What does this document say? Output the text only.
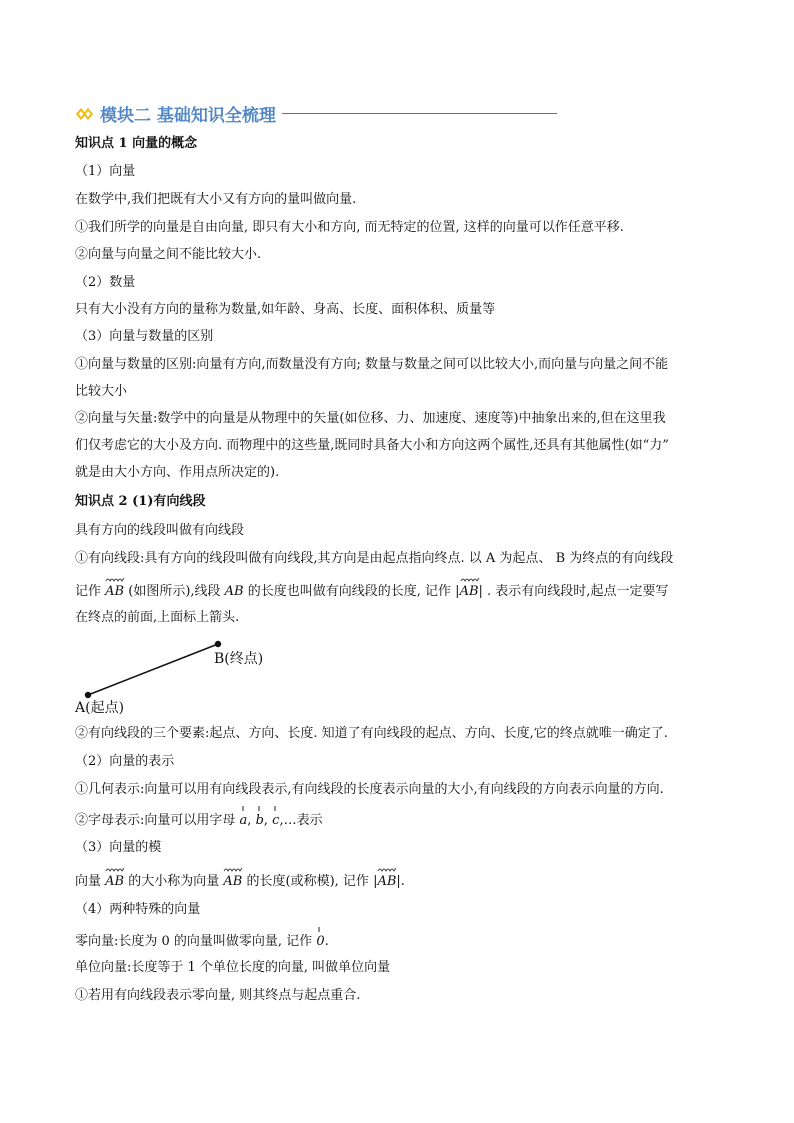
模块二 基础知识全梳理
知识点 1 向量的概念
（1）向量
在数学中,我们把既有大小又有方向的量叫做向量.
①我们所学的向量是自由向量, 即只有大小和方向, 而无特定的位置, 这样的向量可以作任意平移.
②向量与向量之间不能比较大小.
（2）数量
只有大小没有方向的量称为数量,如年龄、身高、长度、面积体积、质量等
（3）向量与数量的区别
①向量与数量的区别:向量有方向,而数量没有方向; 数量与数量之间可以比较大小,而向量与向量之间不能
比较大小
②向量与矢量:数学中的向量是从物理中的矢量(如位移、力、加速度、速度等)中抽象出来的,但在这里我
们仅考虑它的大小及方向. 而物理中的这些量,既同时具备大小和方向这两个属性,还具有其他属性(如“力”
就是由大小方向、作用点所决定的).
知识点 2 (1)有向线段
具有方向的线段叫做有向线段
①有向线段:具有方向的线段叫做有向线段,其方向是由起点指向终点. 以 A 为起点、 B 为终点的有向线段
记作 AB (如图所示),线段 AB 的长度也叫做有向线段的长度, 记作 |
AB| . 表示有向线段时,起点一定要写
在终点的前面,上面标上箭头.
B(终点)
A(起点)
②有向线段的三个要素:起点、方向、长度. 知道了有向线段的起点、方向、长度,它的终点就唯一确定了.
（2）向量的表示
①几何表示:向量可以用有向线段表示,有向线段的长度表示向量的大小,有向线段的方向表示向量的方向.
②字母表示:向量可以用字母 a,
b,
c,…表示
（3）向量的模
向量 AB 的大小称为向量 AB 的长度(或称模), 记作 |
AB|.
（4）两种特殊的向量
零向量:长度为 0 的向量叫做零向量, 记作 0.
单位向量:长度等于 1 个单位长度的向量, 叫做单位向量
①若用有向线段表示零向量, 则其终点与起点重合.
